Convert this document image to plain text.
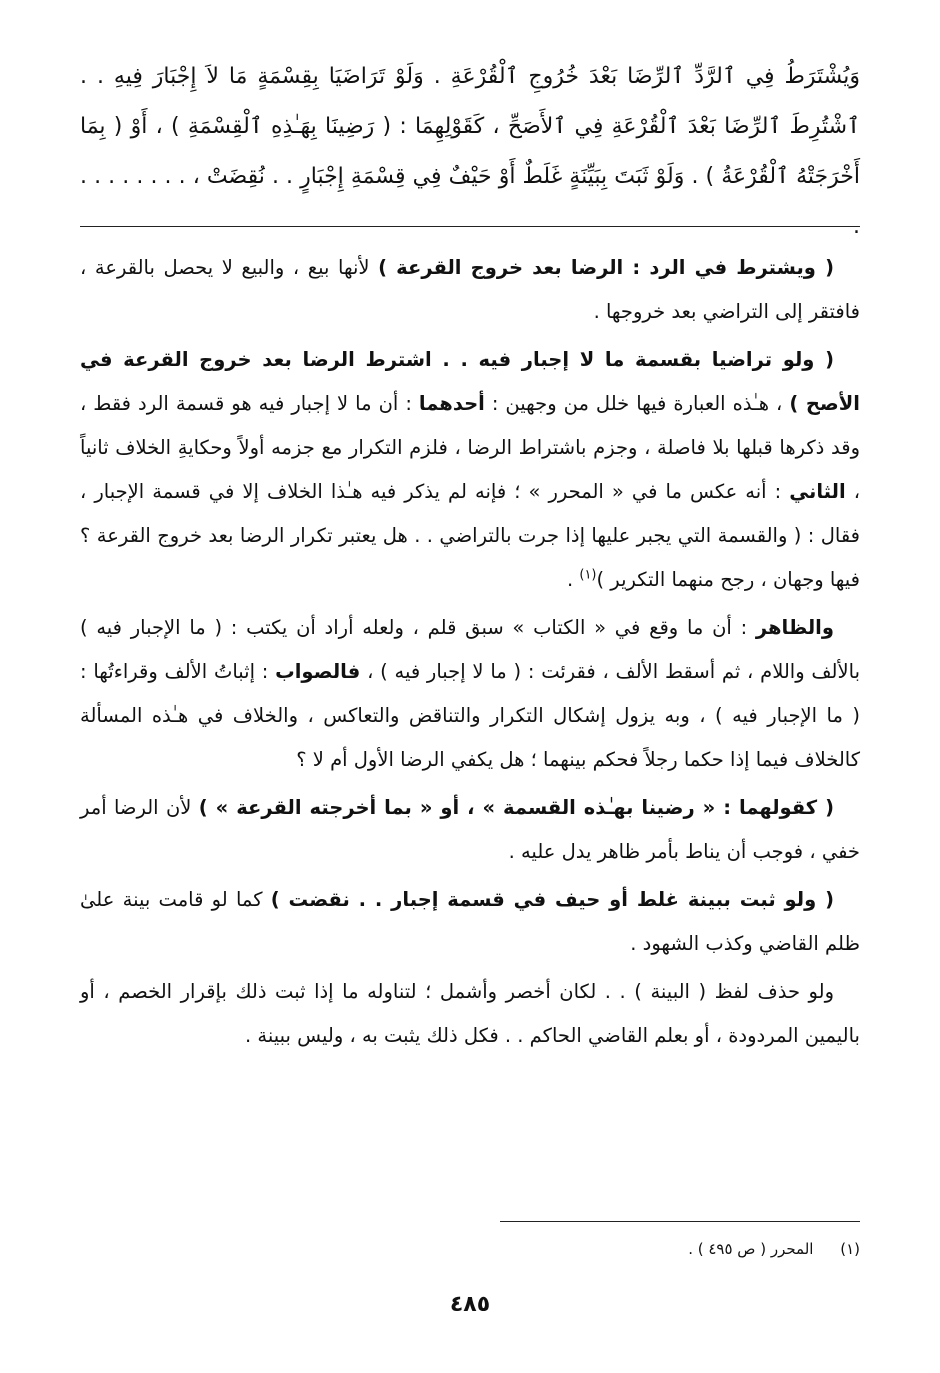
وَيُشْتَرَطُ فِي ٱلرَّدِّ ٱلرِّضَا بَعْدَ خُرُوجِ ٱلْقُرْعَةِ . وَلَوْ تَرَاضَيَا بِقِسْمَةٍ مَا لاَ إِجْبَارَ فِيهِ . . ٱشْتُرِطَ ٱلرِّضَا بَعْدَ ٱلْقُرْعَةِ فِي ٱلأَصَحِّ ، كَقَوْلِهِمَا : ( رَضِينَا بِهَـٰذِهِ ٱلْقِسْمَةِ ) ، أَوْ ( بِمَا أَخْرَجَتْهُ ٱلْقُرْعَةُ ) . وَلَوْ ثَبَتَ بِبَيِّنَةٍ غَلَطٌ أَوْ حَيْفٌ فِي قِسْمَةِ إِجْبَارٍ . . نُقِضَتْ ، . . . . . . . . .

( ويشترط في الرد : الرضا بعد خروج القرعة ) لأنها بيع ، والبيع لا يحصل بالقرعة ، فافتقر إلى التراضي بعد خروجها .

( ولو تراضيا بقسمة ما لا إجبار فيه . . اشترط الرضا بعد خروج القرعة في الأصح ) ، هـٰذه العبارة فيها خلل من وجهين : أحدهما : أن ما لا إجبار فيه هو قسمة الرد فقط ، وقد ذكرها قبلها بلا فاصلة ، وجزم باشتراط الرضا ، فلزم التكرار مع جزمه أولاً وحكايةِ الخلاف ثانياً ، الثاني : أنه عكس ما في « المحرر » ؛ فإنه لم يذكر فيه هـٰذا الخلاف إلا في قسمة الإجبار ، فقال : ( والقسمة التي يجبر عليها إذا جرت بالتراضي . . هل يعتبر تكرار الرضا بعد خروج القرعة ؟ فيها وجهان ، رجح منهما التكرير )$^{(١)}$ .

والظاهر : أن ما وقع في « الكتاب » سبق قلم ، ولعله أراد أن يكتب : ( ما الإجبار فيه ) بالألف واللام ، ثم أسقط الألف ، فقرئت : ( ما لا إجبار فيه ) ، فالصواب : إثباتُ الألف وقراءتُها : ( ما الإجبار فيه ) ، وبه يزول إشكال التكرار والتناقض والتعاكس ، والخلاف في هـٰذه المسألة كالخلاف فيما إذا حكما رجلاً فحكم بينهما ؛ هل يكفي الرضا الأول أم لا ؟

( كقولهما : « رضينا بهـٰذه القسمة » ، أو « بما أخرجته القرعة » ) لأن الرضا أمر خفي ، فوجب أن يناط بأمر ظاهر يدل عليه .

( ولو ثبت ببينة غلط أو حيف في قسمة إجبار . . نقضت ) كما لو قامت بينة علىٰ ظلم القاضي وكذب الشهود .

ولو حذف لفظ ( البينة ) . . لكان أخصر وأشمل ؛ لتناوله ما إذا ثبت ذلك بإقرار الخصم ، أو باليمين المردودة ، أو بعلم القاضي الحاكم . . فكل ذلك يثبت به ، وليس ببينة .

(١) المحرر ( ص ٤٩٥ ) .
٤٨٥
